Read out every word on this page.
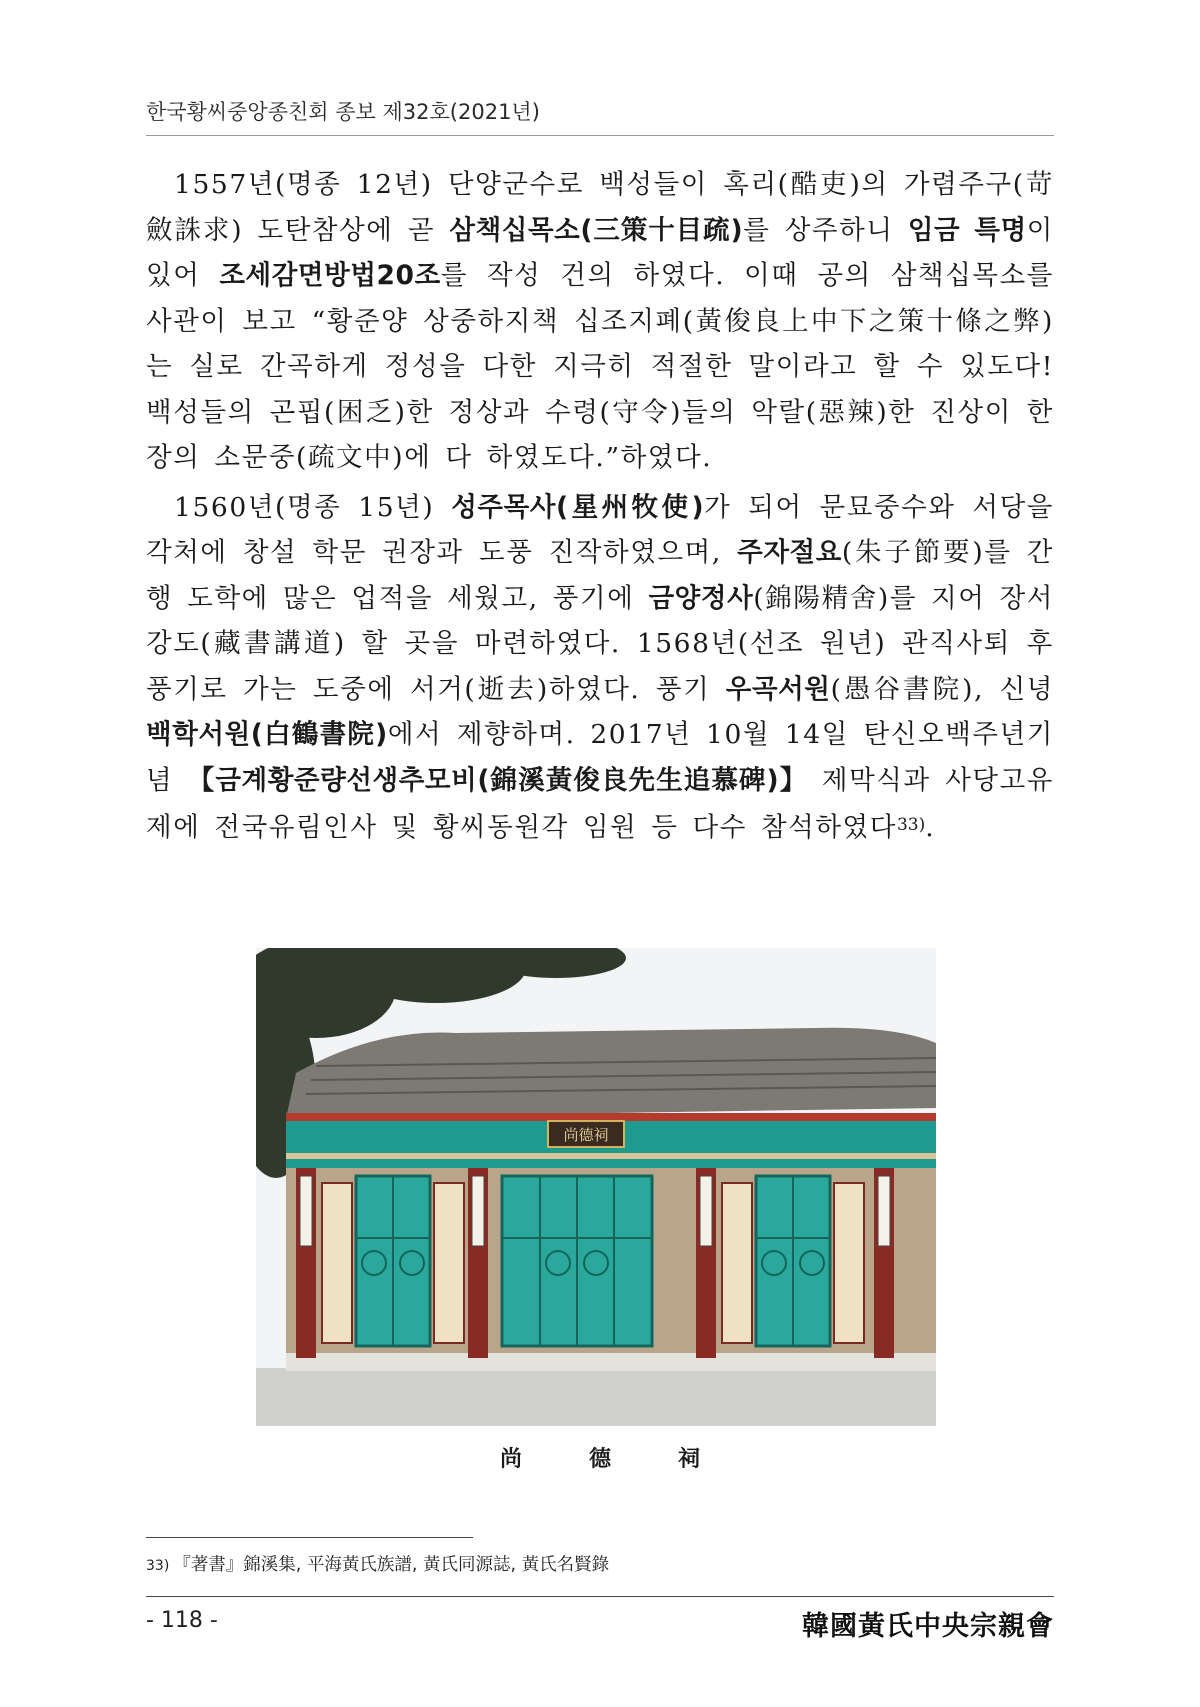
한국황씨중앙종친회 종보 제32호(2021년)

1557년(명종 12년) 단양군수로 백성들이 혹리(酷吏)의 가렴주구(苛斂誅求) 도탄참상에 곧 삼책십목소(三策十目疏)를 상주하니 임금 특명이 있어 조세감면방법20조를 작성 건의 하였다. 이때 공의 삼책십목소를 사관이 보고 “황준양 상중하지책 십조지폐(黃俊良上中下之策十條之弊)는 실로 간곡하게 정성을 다한 지극히 적절한 말이라고 할 수 있도다! 백성들의 곤핍(困乏)한 정상과 수령(守令)들의 악랄(惡辣)한 진상이 한 장의 소문중(疏文中)에 다 하였도다.”하였다.

1560년(명종 15년) 성주목사(星州牧使)가 되어 문묘중수와 서당을 각처에 창설 학문 권장과 도풍 진작하였으며, 주자절요(朱子節要)를 간행 도학에 많은 업적을 세웠고, 풍기에 금양정사(錦陽精舍)를 지어 장서강도(藏書講道) 할 곳을 마련하였다. 1568년(선조 원년) 관직사퇴 후 풍기로 가는 도중에 서거(逝去)하였다. 풍기 우곡서원(愚谷書院), 신녕 백학서원(白鶴書院)에서 제향하며. 2017년 10월 14일 탄신오백주년기념 【금계황준량선생추모비(錦溪黃俊良先生追慕碑)】 제막식과 사당고유제에 전국유림인사 및 황씨동원각 임원 등 다수 참석하였다$^{33)}$.

尚德祠
尚	德	祠
33) 『著書』錦溪集, 平海黃氏族譜, 黃氏同源誌, 黃氏名賢錄
- 118 -	韓國黃氏中央宗親會
